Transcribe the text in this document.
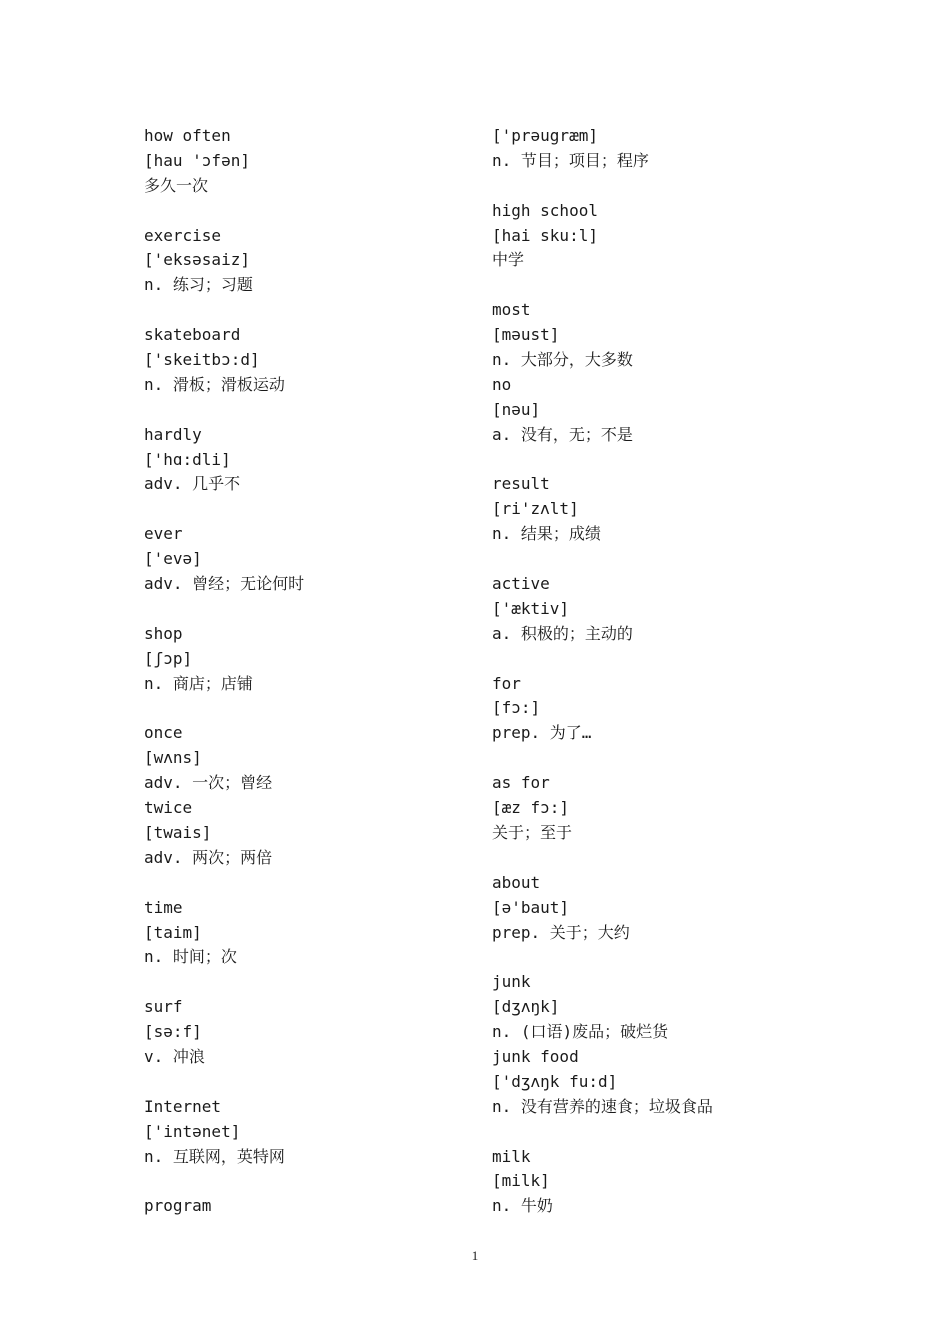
how often
[hau 'ɔfən]
多久一次
exercise
['eksəsaiz]
n. 练习；习题
skateboard
['skeitbɔ:d]
n. 滑板；滑板运动
hardly
['hɑ:dli]
adv. 几乎不
ever
['evə]
adv. 曾经；无论何时
shop
[ʃɔp]
n. 商店；店铺
once
[wʌns]
adv. 一次；曾经
twice
[twais]
adv. 两次；两倍
time
[taim]
n. 时间；次
surf
[sə:f]
v. 冲浪
Internet
['intənet]
n. 互联网，英特网
program
['prəugræm]
n. 节目；项目；程序
high school
[hai sku:l]
中学
most
[məust]
n. 大部分，大多数
no
[nəu]
a. 没有，无；不是
result
[ri'zʌlt]
n. 结果；成绩
active
['æktiv]
a. 积极的；主动的
for
[fɔ:]
prep. 为了…
as for
[æz fɔ:]
关于；至于
about
[ə'baut]
prep. 关于；大约
junk
[dʒʌŋk]
n. (口语)废品；破烂货
junk food
['dʒʌŋk fu:d]
n. 没有营养的速食；垃圾食品
milk
[milk]
n. 牛奶
1
